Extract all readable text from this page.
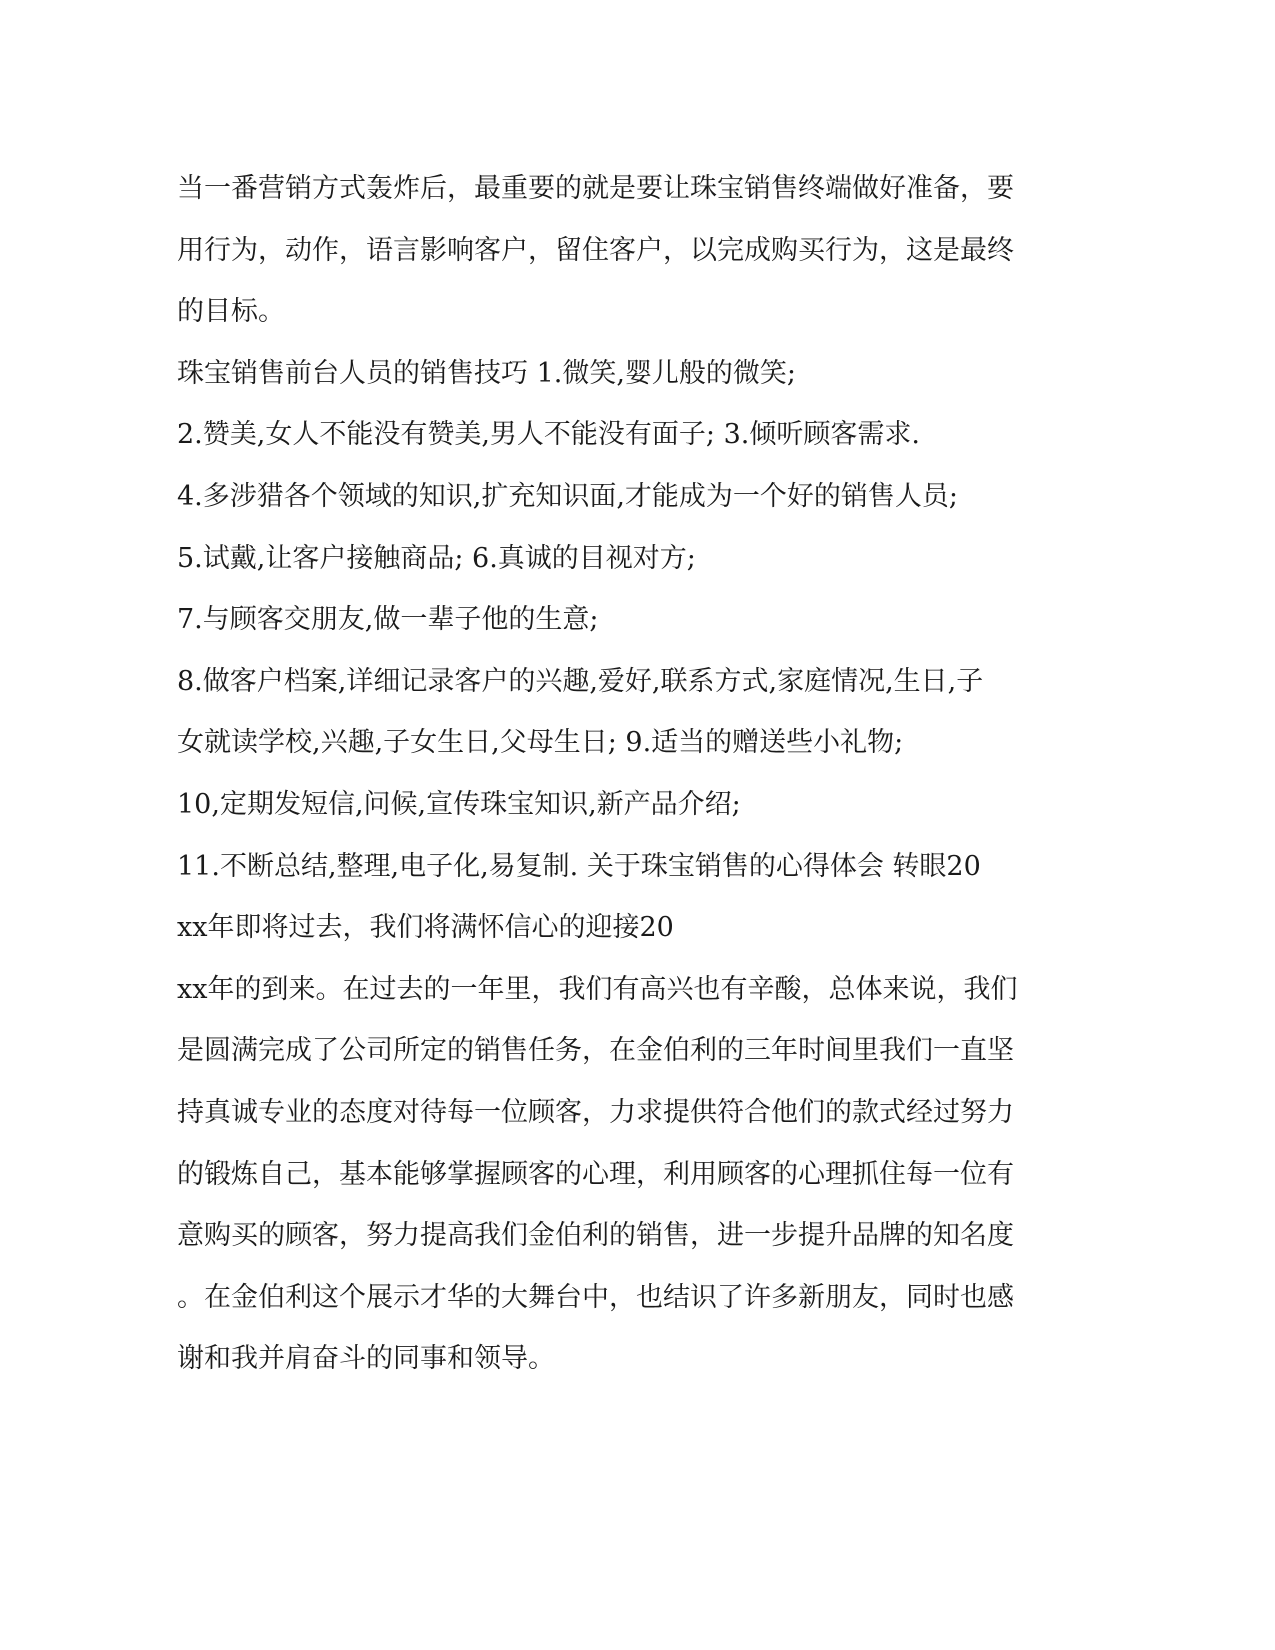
当一番营销方式轰炸后，最重要的就是要让珠宝销售终端做好准备，要
用行为，动作，语言影响客户，留住客户，以完成购买行为，这是最终
的目标。
珠宝销售前台人员的销售技巧 1.微笑,婴儿般的微笑;
2.赞美,女人不能没有赞美,男人不能没有面子; 3.倾听顾客需求.
4.多涉猎各个领域的知识,扩充知识面,才能成为一个好的销售人员;
5.试戴,让客户接触商品; 6.真诚的目视对方;
7.与顾客交朋友,做一辈子他的生意;
8.做客户档案,详细记录客户的兴趣,爱好,联系方式,家庭情况,生日,子
女就读学校,兴趣,子女生日,父母生日; 9.适当的赠送些小礼物;
10,定期发短信,问候,宣传珠宝知识,新产品介绍;
11.不断总结,整理,电子化,易复制. 关于珠宝销售的心得体会 转眼20
xx年即将过去，我们将满怀信心的迎接20
xx年的到来。在过去的一年里，我们有高兴也有辛酸，总体来说，我们
是圆满完成了公司所定的销售任务，在金伯利的三年时间里我们一直坚
持真诚专业的态度对待每一位顾客，力求提供符合他们的款式经过努力
的锻炼自己，基本能够掌握顾客的心理，利用顾客的心理抓住每一位有
意购买的顾客，努力提高我们金伯利的销售，进一步提升品牌的知名度
。在金伯利这个展示才华的大舞台中，也结识了许多新朋友，同时也感
谢和我并肩奋斗的同事和领导。
